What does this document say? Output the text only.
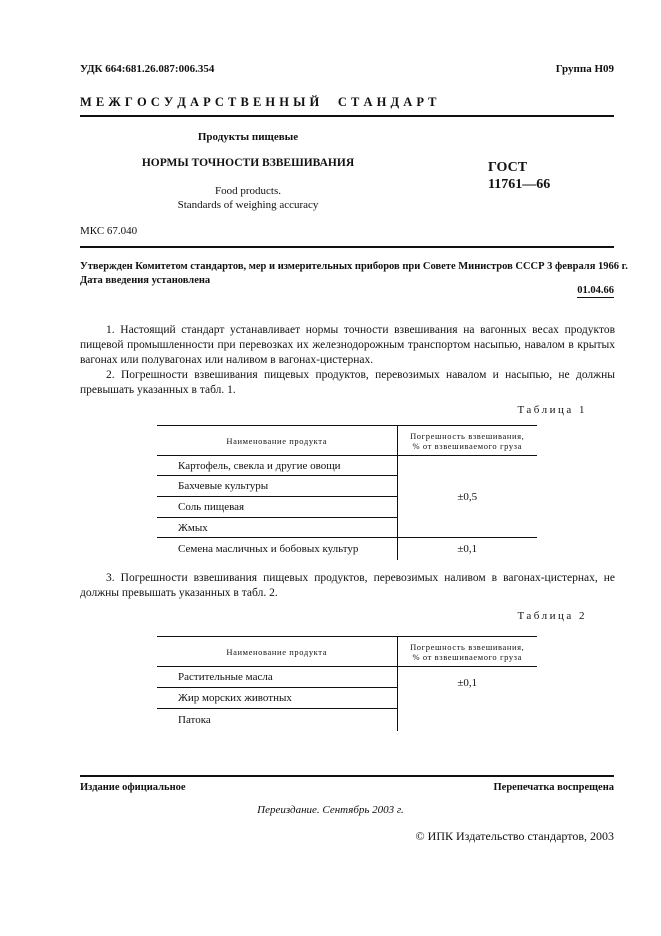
УДК 664:681.26.087:006.354	Группа Н09
М Е Ж Г О С У Д А Р С Т В Е Н Н Ы Й     С Т А Н Д А Р Т
Продукты пищевые
НОРМЫ ТОЧНОСТИ ВЗВЕШИВАНИЯ
Food products.
Standards of weighing accuracy
ГОСТ
11761—66
МКС 67.040
Утвержден Комитетом стандартов, мер и измерительных приборов при Совете Министров СССР 3 февраля 1966 г.
Дата введения установлена
01.04.66
1. Настоящий стандарт устанавливает нормы точности взвешивания на вагонных весах продуктов пищевой промышленности при перевозках их железнодорожным транспортом насыпью, навалом в крытых вагонах или полувагонах или наливом в вагонах-цистернах.
2. Погрешности взвешивания пищевых продуктов, перевозимых навалом и насыпью, не должны превышать указанных в табл. 1.
Таблица 1
Наименование продукта	Погрешность взвешивания,
% от взвешиваемого груза

Картофель, свекла и другие овощи	±0,5
Бахчевые культуры	
Соль пищевая	
Жмых	
Семена масличных и бобовых культур	±0,1
3. Погрешности взвешивания пищевых продуктов, перевозимых наливом в вагонах-цистернах, не должны превышать указанных в табл. 2.
Таблица 2
Наименование продукта	Погрешность взвешивания,
% от взвешиваемого груза

Растительные масла	±0,1
Жир морских животных	
Патока	
Издание официальное	Перепечатка воспрещена
Переиздание. Сентябрь 2003 г.
© ИПК Издательство стандартов, 2003
